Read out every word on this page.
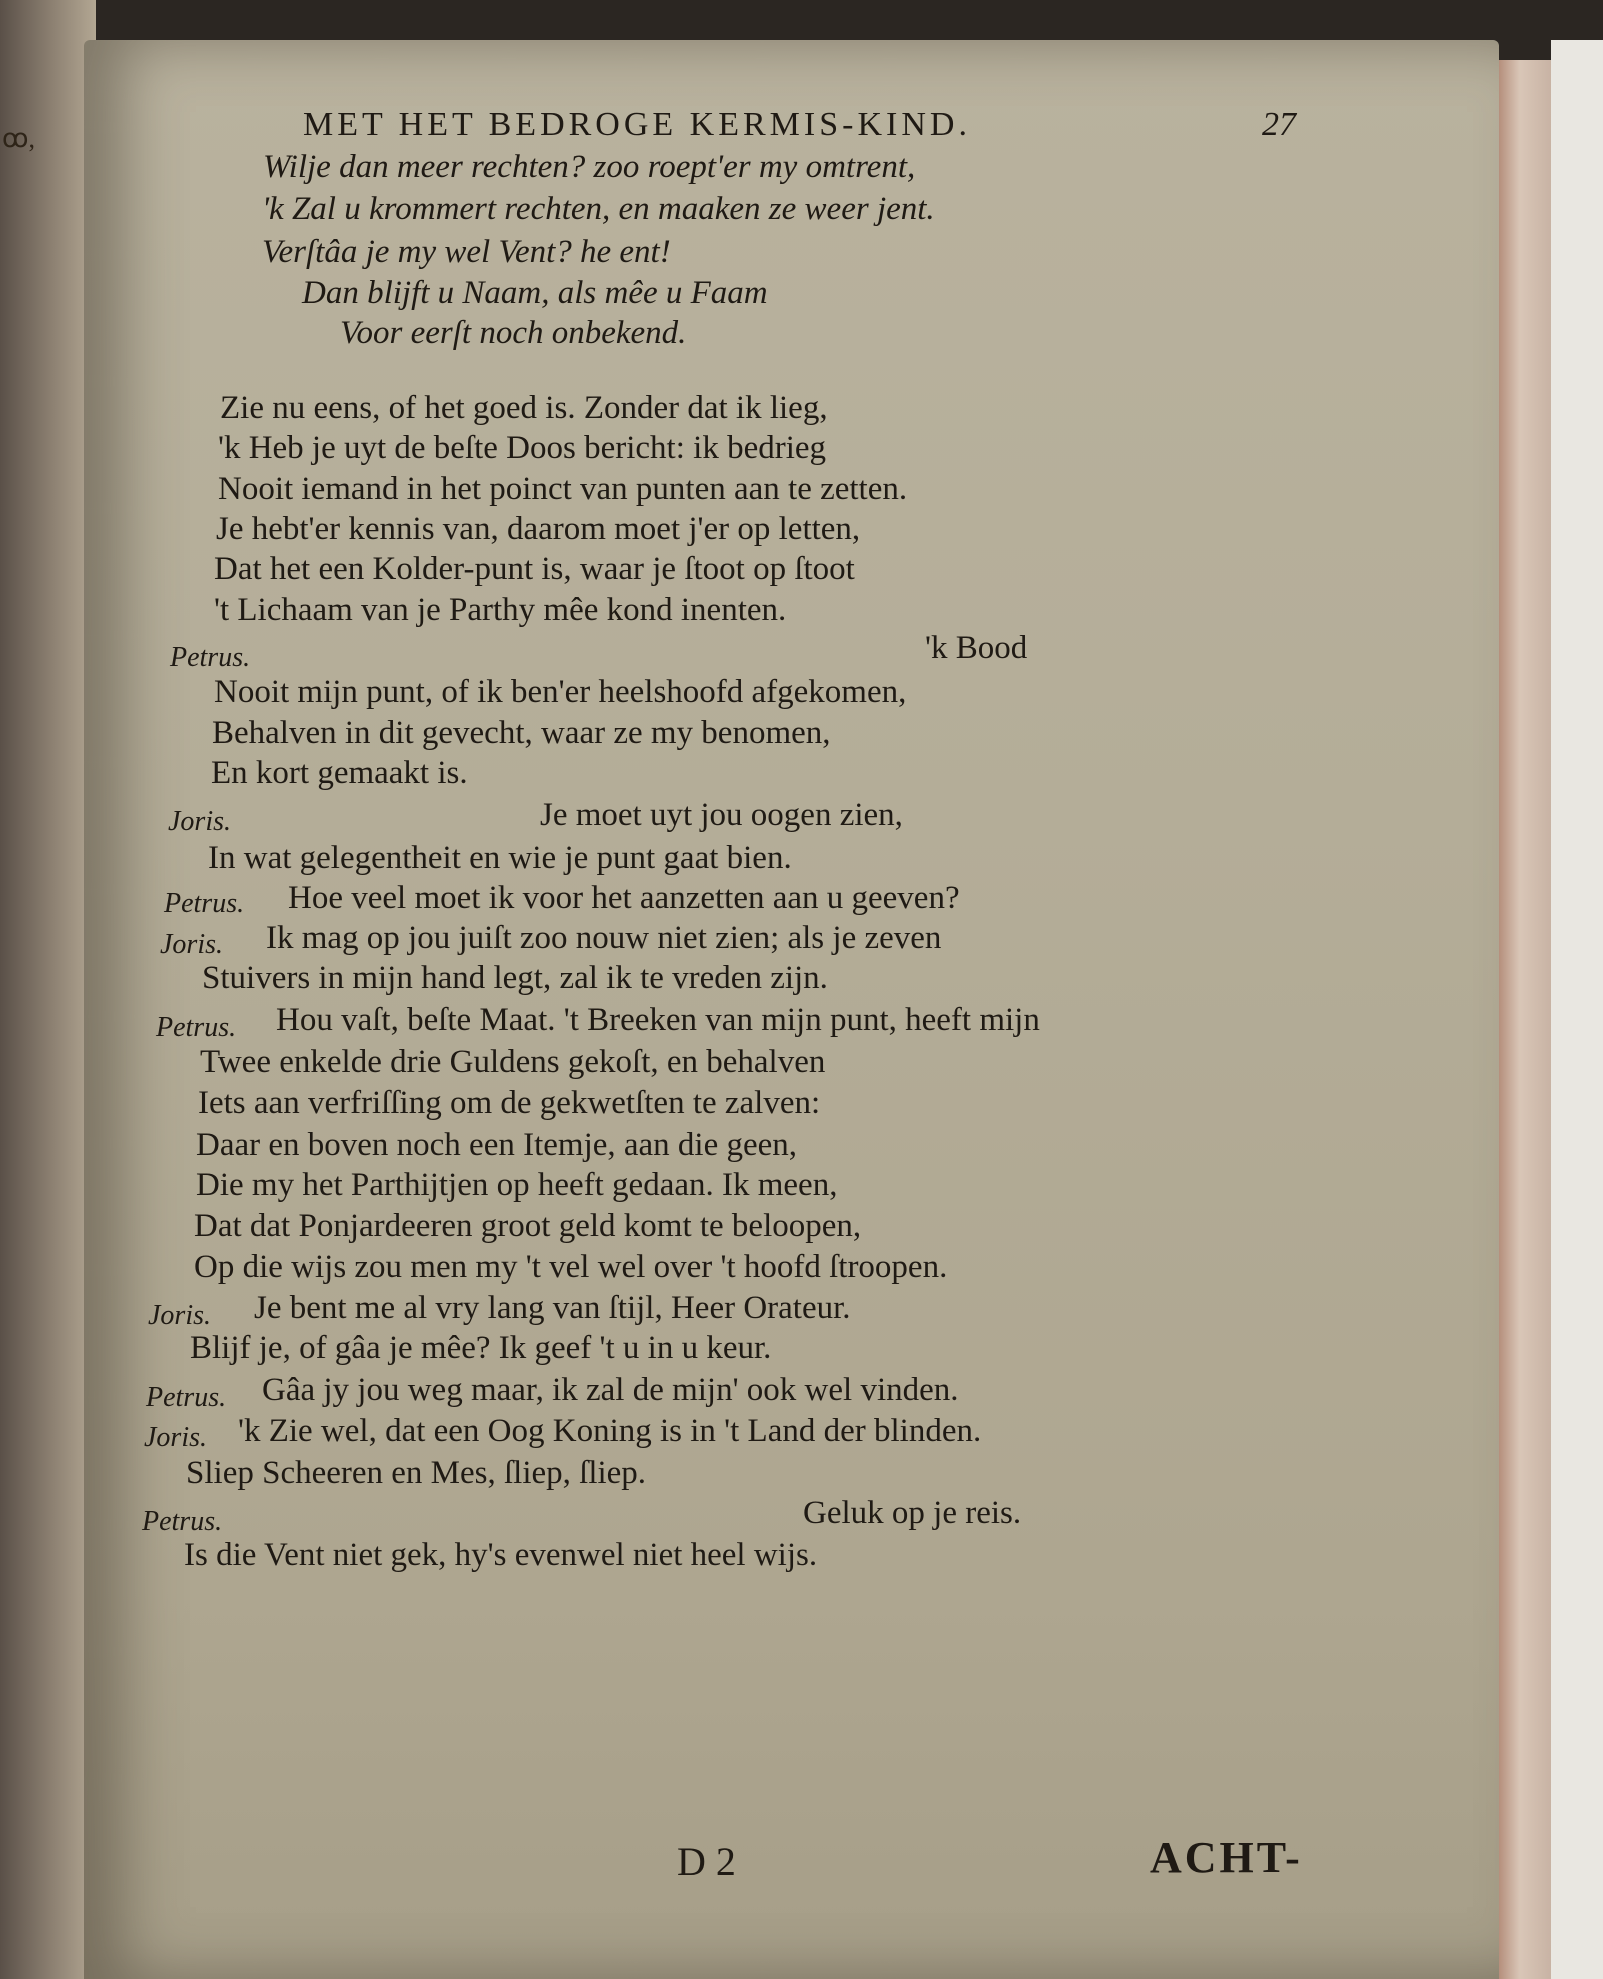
ꝏ,	MET HET BEDROGE KERMIS-KIND.	27
Wilje dan meer rechten? zoo roept'er my omtrent,
'k Zal u krommert rechten, en maaken ze weer jent.
Verſtâa je my wel Vent? he ent!
Dan blijft u Naam, als mêe u Faam
Voor eerſt noch onbekend.
Zie nu eens, of het goed is. Zonder dat ik lieg,
'k Heb je uyt de beſte Doos bericht: ik bedrieg
Nooit iemand in het poinct van punten aan te zetten.
Je hebt'er kennis van, daarom moet j'er op letten,
Dat het een Kolder-punt is, waar je ſtoot op ſtoot
't Lichaam van je Parthy mêe kond inenten.
Petrus.	'k Bood
Nooit mijn punt, of ik ben'er heelshoofd afgekomen,
Behalven in dit gevecht, waar ze my benomen,
En kort gemaakt is.
Joris.	Je moet uyt jou oogen zien,
In wat gelegentheit en wie je punt gaat bien.
Petrus. Hoe veel moet ik voor het aanzetten aan u geeven?
Joris. Ik mag op jou juiſt zoo nouw niet zien; als je zeven
Stuivers in mijn hand legt, zal ik te vreden zijn.
Petrus. Hou vaſt, beſte Maat. 't Breeken van mijn punt, heeft mijn
Twee enkelde drie Guldens gekoſt, en behalven
Iets aan verfriſſing om de gekwetſten te zalven:
Daar en boven noch een Itemje, aan die geen,
Die my het Parthijtjen op heeft gedaan. Ik meen,
Dat dat Ponjardeeren groot geld komt te beloopen,
Op die wijs zou men my 't vel wel over 't hoofd ſtroopen.
Joris. Je bent me al vry lang van ſtijl, Heer Orateur.
Blijf je, of gâa je mêe? Ik geef 't u in u keur.
Petrus. Gâa jy jou weg maar, ik zal de mijn' ook wel vinden.
Joris. 'k Zie wel, dat een Oog Koning is in 't Land der blinden.
Sliep Scheeren en Mes, ſliep, ſliep.
Petrus.	Geluk op je reis.
Is die Vent niet gek, hy's evenwel niet heel wijs.
D 2	ACHT-
